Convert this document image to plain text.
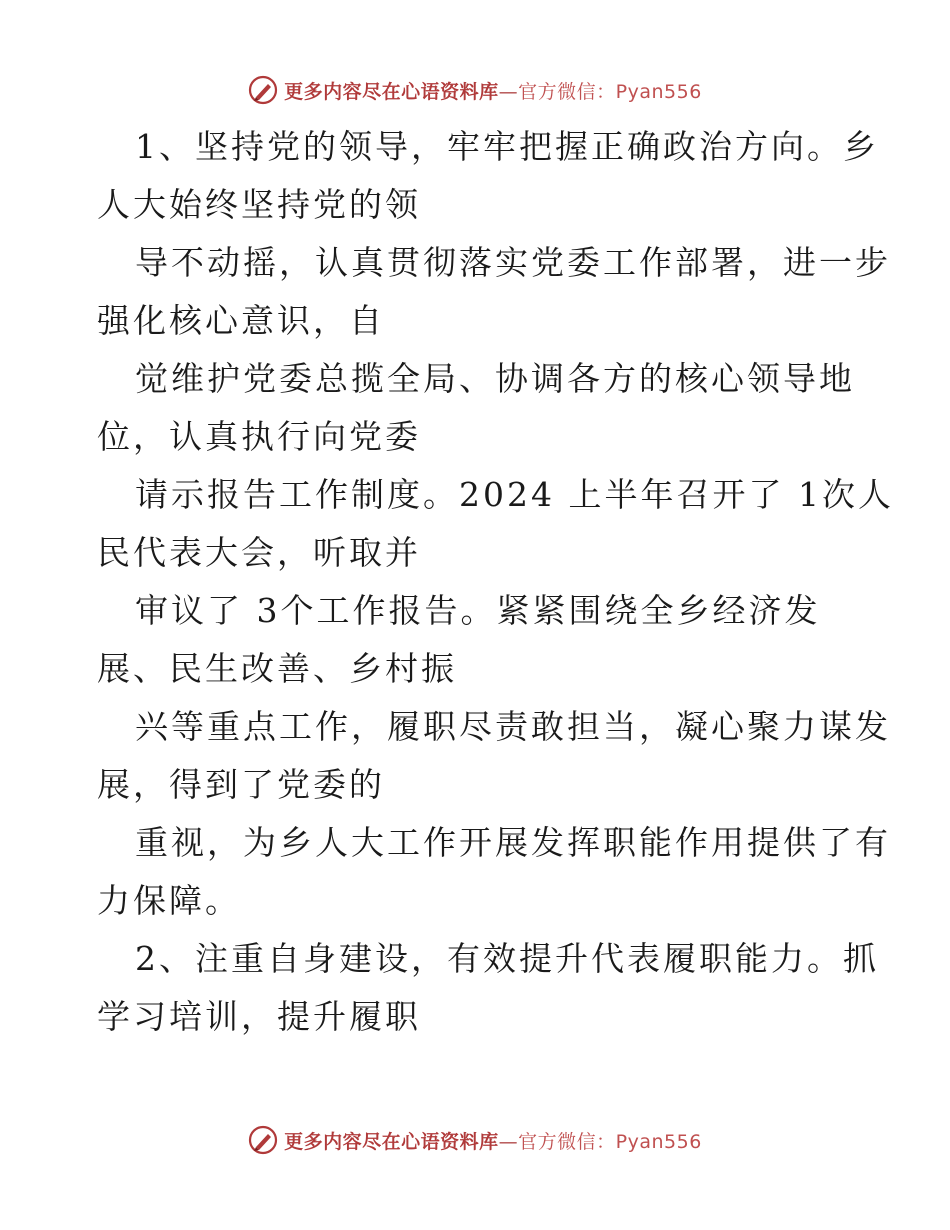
更多内容尽在心语资料库—官方微信：Pyan556
1、坚持党的领导，牢牢把握正确政治方向。乡
人大始终坚持党的领
导不动摇，认真贯彻落实党委工作部署，进一步
强化核心意识，自
觉维护党委总揽全局、协调各方的核心领导地
位，认真执行向党委
请示报告工作制度。2024 上半年召开了 1次人
民代表大会，听取并
审议了 3个工作报告。紧紧围绕全乡经济发
展、民生改善、乡村振
兴等重点工作，履职尽责敢担当，凝心聚力谋发
展，得到了党委的
重视，为乡人大工作开展发挥职能作用提供了有
力保障。
2、注重自身建设，有效提升代表履职能力。抓
学习培训，提升履职
更多内容尽在心语资料库—官方微信：Pyan556
